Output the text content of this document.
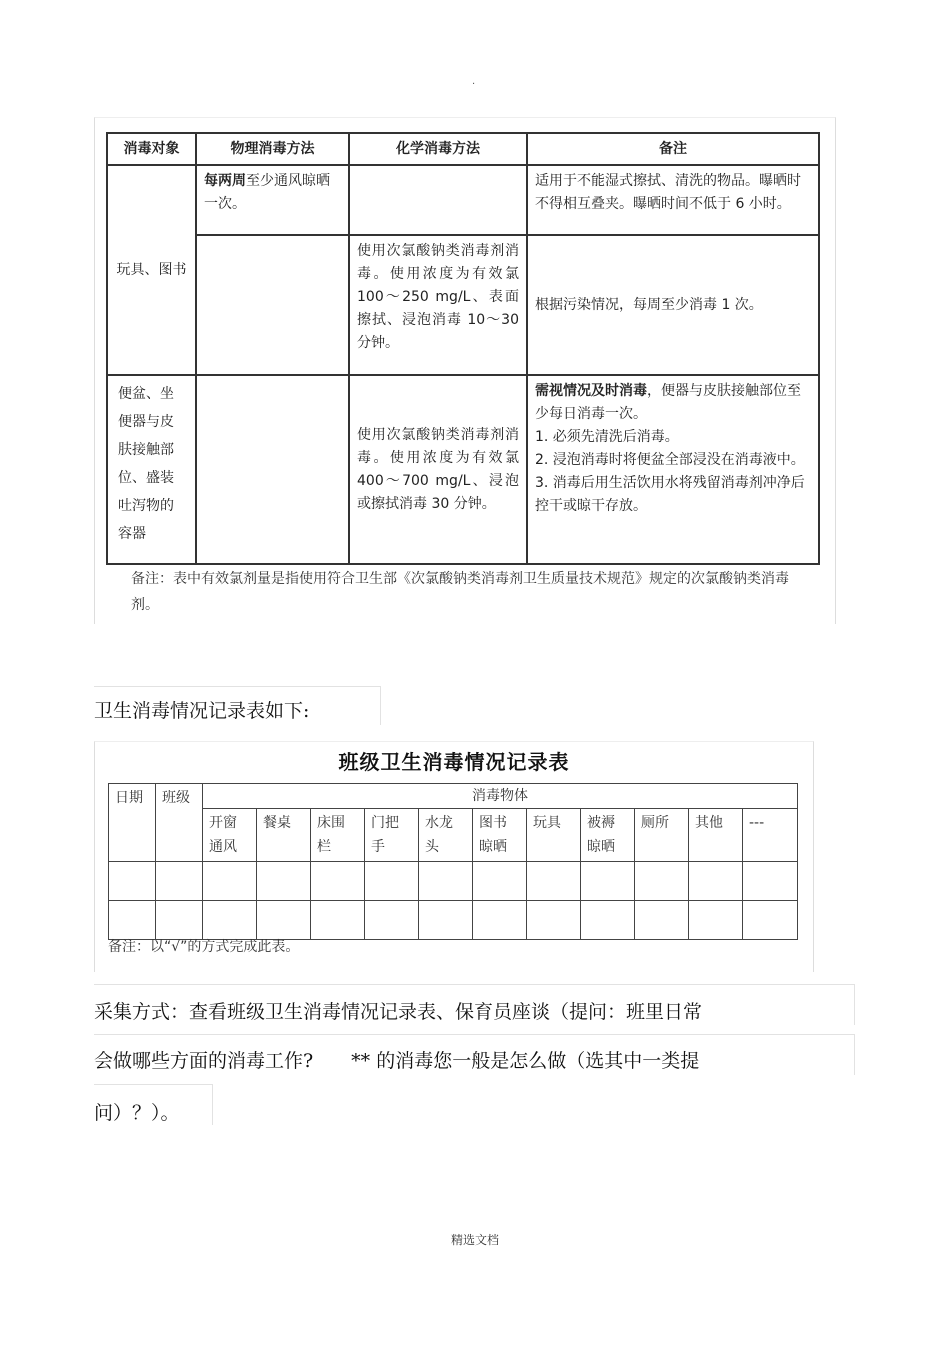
.
消毒对象	物理消毒方法	化学消毒方法	备注
玩具、图书	每两周至少通风晾晒一次。		适用于不能湿式擦拭、清洗的物品。曝晒时不得相互叠夹。曝晒时间不低于 6 小时。
		使用次氯酸钠类消毒剂消毒。使用浓度为有效氯 100～250 mg/L、表面擦拭、浸泡消毒 10～30 分钟。	根据污染情况，每周至少消毒 1 次。
便盆、坐便器与皮肤接触部位、盛装吐泻物的容器		使用次氯酸钠类消毒剂消毒。使用浓度为有效氯 400～700 mg/L、浸泡或擦拭消毒 30 分钟。	需视情况及时消毒，便器与皮肤接触部位至少每日消毒一次。
1. 必须先清洗后消毒。
2. 浸泡消毒时将便盆全部浸没在消毒液中。
3. 消毒后用生活饮用水将残留消毒剂冲净后控干或晾干存放。
备注：表中有效氯剂量是指使用符合卫生部《次氯酸钠类消毒剂卫生质量技术规范》规定的次氯酸钠类消毒剂。
卫生消毒情况记录表如下:
班级卫生消毒情况记录表
日期	班级	消毒物体										
		开窗通风	餐桌	床围栏	门把手	水龙头	图书晾晒	玩具	被褥晾晒	厕所	其他	---

备注：以“√”的方式完成此表。
采集方式：查看班级卫生消毒情况记录表、保育员座谈（提问：班里日常
会做哪些方面的消毒工作?　　** 的消毒您一般是怎么做（选其中一类提
问）？）。
精选文档
